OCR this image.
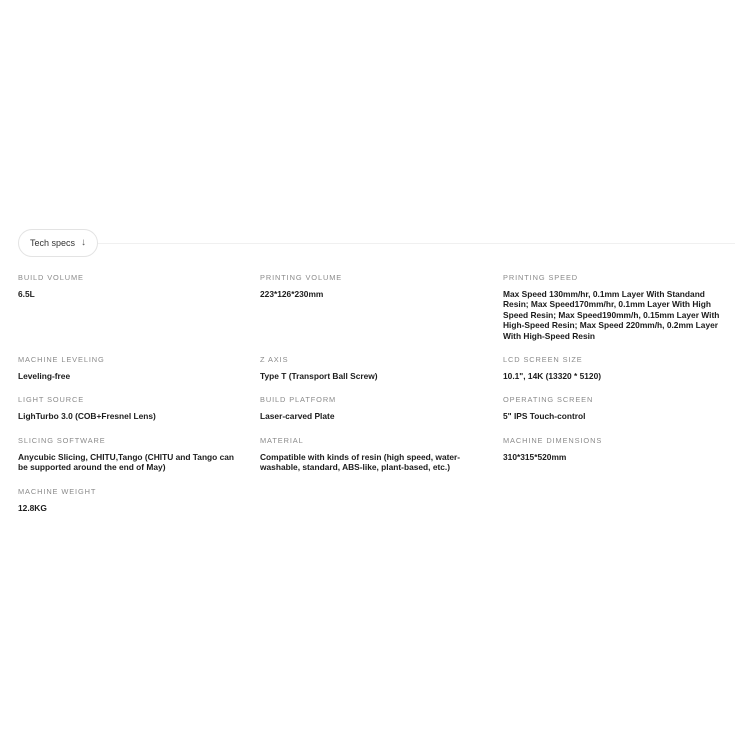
Tech specs ↓
BUILD VOLUME
6.5L
PRINTING VOLUME
223*126*230mm
PRINTING SPEED
Max Speed 130mm/hr, 0.1mm Layer With Standand Resin; Max Speed170mm/hr, 0.1mm Layer With High Speed Resin; Max Speed190mm/h, 0.15mm Layer With High-Speed Resin; Max Speed 220mm/h, 0.2mm Layer With High-Speed Resin
MACHINE LEVELING
Leveling-free
Z AXIS
Type T (Transport Ball Screw)
LCD SCREEN SIZE
10.1", 14K (13320 * 5120)
LIGHT SOURCE
LighTurbo 3.0 (COB+Fresnel Lens)
BUILD PLATFORM
Laser-carved Plate
OPERATING SCREEN
5" IPS Touch-control
SLICING SOFTWARE
Anycubic Slicing, CHITU,Tango (CHITU and Tango can be supported around the end of May)
MATERIAL
Compatible with kinds of resin (high speed, water-washable, standard, ABS-like, plant-based, etc.)
MACHINE DIMENSIONS
310*315*520mm
MACHINE WEIGHT
12.8KG
